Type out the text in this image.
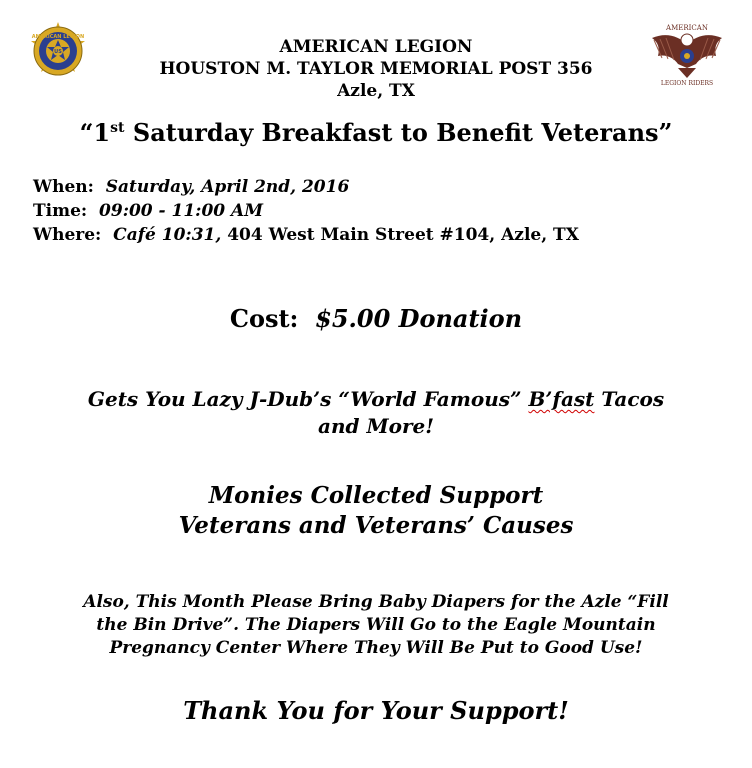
AMERICAN LEGION
US
AMERICAN
LEGION RIDERS
AMERICAN LEGION
HOUSTON M. TAYLOR MEMORIAL POST 356
Azle, TX
“1st Saturday Breakfast to Benefit Veterans”
When: Saturday, April 2nd, 2016
Time: 09:00 - 11:00 AM
Where: Café 10:31, 404 West Main Street #104, Azle, TX
Cost: $5.00 Donation
Gets You Lazy J-Dub’s “World Famous” B’fast Tacos
and More!
Monies Collected Support
Veterans and Veterans’ Causes
Also, This Month Please Bring Baby Diapers for the Azle “Fill
the Bin Drive”. The Diapers Will Go to the Eagle Mountain
Pregnancy Center Where They Will Be Put to Good Use!
Thank You for Your Support!
